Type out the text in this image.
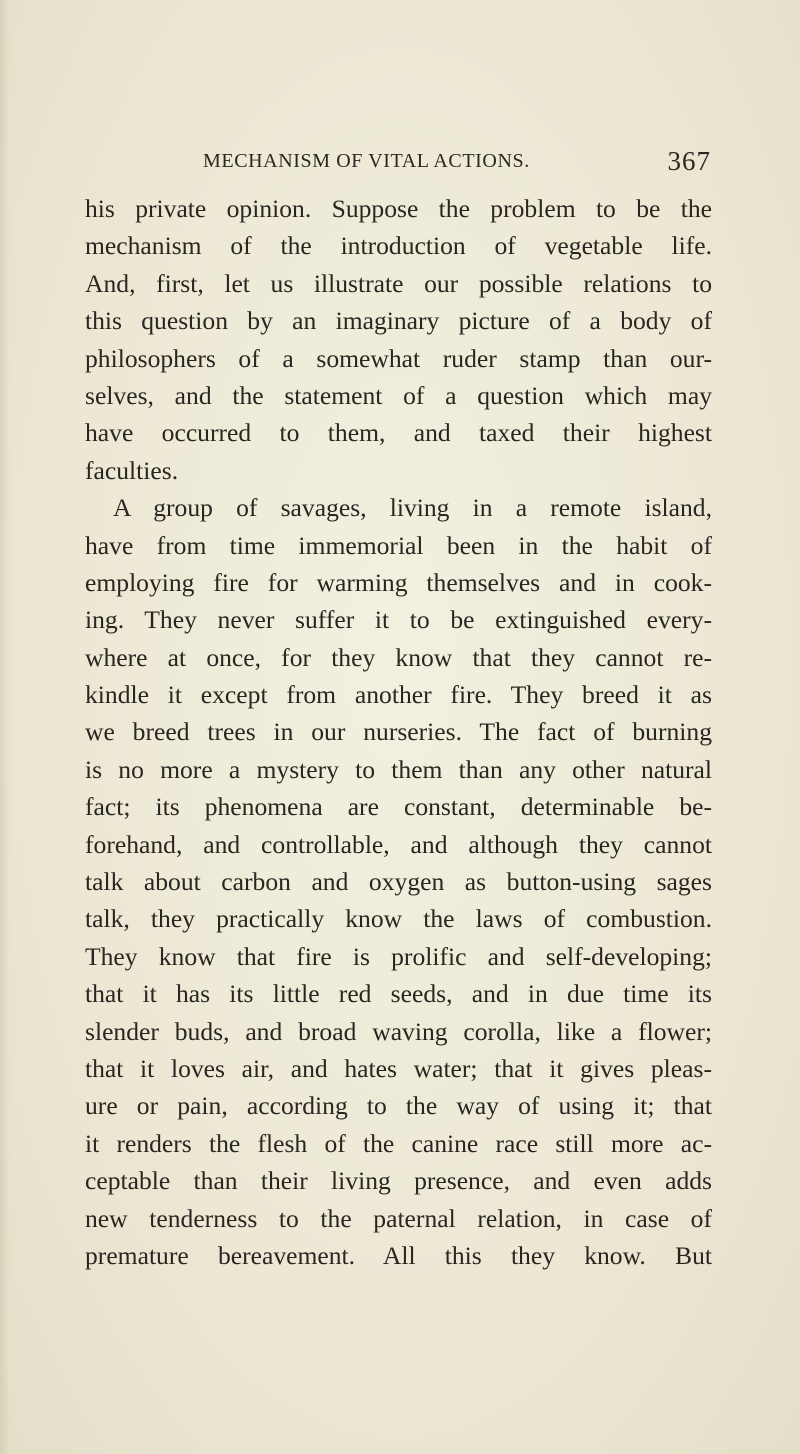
MECHANISM OF VITAL ACTIONS.	367
his private opinion. Suppose the problem to be the
mechanism of the introduction of vegetable life.
And, first, let us illustrate our possible relations to
this question by an imaginary picture of a body of
philosophers of a somewhat ruder stamp than our-
selves, and the statement of a question which may
have occurred to them, and taxed their highest
faculties.
A group of savages, living in a remote island,
have from time immemorial been in the habit of
employing fire for warming themselves and in cook-
ing. They never suffer it to be extinguished every-
where at once, for they know that they cannot re-
kindle it except from another fire. They breed it as
we breed trees in our nurseries. The fact of burning
is no more a mystery to them than any other natural
fact; its phenomena are constant, determinable be-
forehand, and controllable, and although they cannot
talk about carbon and oxygen as button-using sages
talk, they practically know the laws of combustion.
They know that fire is prolific and self-developing;
that it has its little red seeds, and in due time its
slender buds, and broad waving corolla, like a flower;
that it loves air, and hates water; that it gives pleas-
ure or pain, according to the way of using it; that
it renders the flesh of the canine race still more ac-
ceptable than their living presence, and even adds
new tenderness to the paternal relation, in case of
premature bereavement. All this they know. But
